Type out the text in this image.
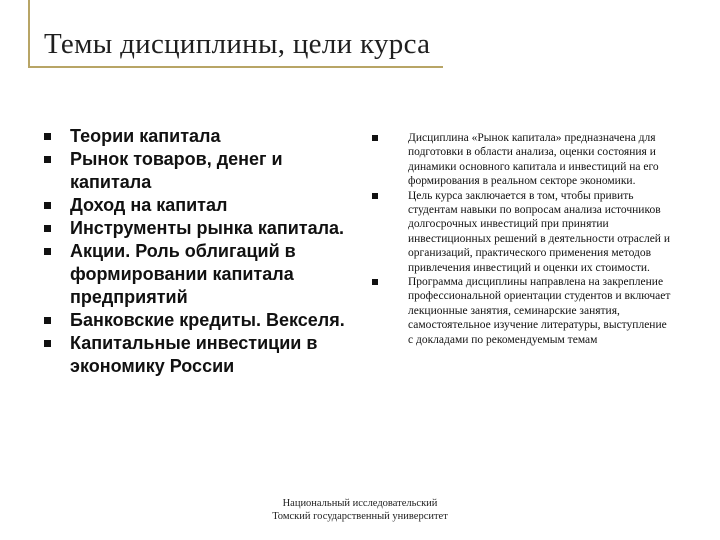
Темы дисциплины, цели курса
Теории капитала
Рынок товаров, денег и капитала
Доход на капитал
Инструменты рынка капитала.
Акции. Роль облигаций в формировании капитала предприятий
Банковские кредиты. Векселя.
Капитальные инвестиции в экономику России
Дисциплина «Рынок капитала» предназначена для подготовки в области анализа, оценки состояния и динамики основного капитала и инвестиций на его формирования в реальном секторе экономики.
Цель курса заключается в том, чтобы привить студентам навыки по вопросам анализа источников долгосрочных инвестиций при принятии инвестиционных решений в деятельности отраслей и организаций, практического применения методов привлечения инвестиций и оценки их стоимости.
Программа дисциплины направлена на закрепление профессиональной ориентации студентов и включает лекционные занятия, семинарские занятия, самостоятельное изучение литературы, выступление с докладами по рекомендуемым темам
Национальный исследовательский
Томский государственный университет
